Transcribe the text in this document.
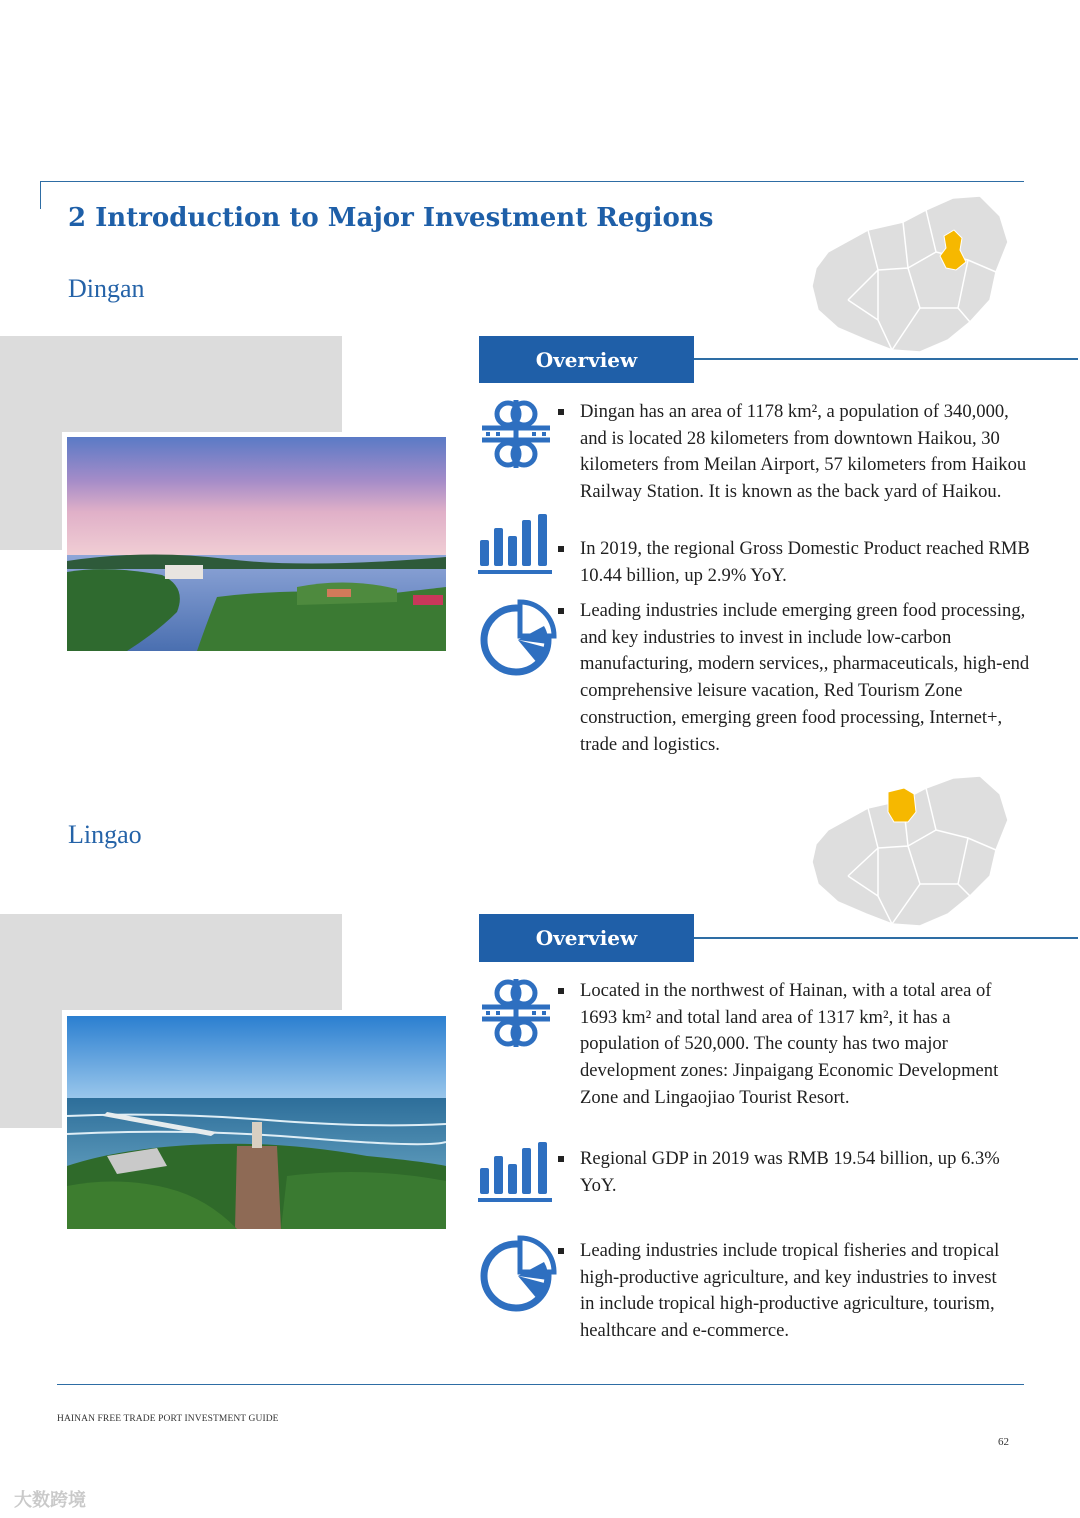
2 Introduction to Major Investment Regions
Dingan
Overview
Dingan has an area of 1178 km², a population of 340,000, and is located 28 kilometers from downtown Haikou, 30 kilometers from Meilan Airport, 57 kilometers from Haikou Railway Station. It is known as the back yard of Haikou.
In 2019, the regional Gross Domestic Product reached RMB 10.44 billion, up 2.9% YoY.
Leading industries include emerging green food processing, and key industries to invest in include low-carbon manufacturing, modern services,, pharmaceuticals, high-end comprehensive leisure vacation, Red Tourism Zone construction, emerging green food processing, Internet+, trade and logistics.
Lingao
Overview
Located in the northwest of Hainan, with a total area of 1693 km² and total land area of 1317 km², it has a population of 520,000. The county has two major development zones: Jinpaigang Economic Development Zone and Lingaojiao Tourist Resort.
Regional GDP in 2019 was RMB 19.54 billion, up 6.3% YoY.
Leading industries include tropical fisheries and tropical high-productive agriculture, and key industries to invest in include tropical high-productive agriculture, tourism, healthcare and e-commerce.
HAINAN FREE TRADE PORT INVESTMENT GUIDE
62
大数跨境
